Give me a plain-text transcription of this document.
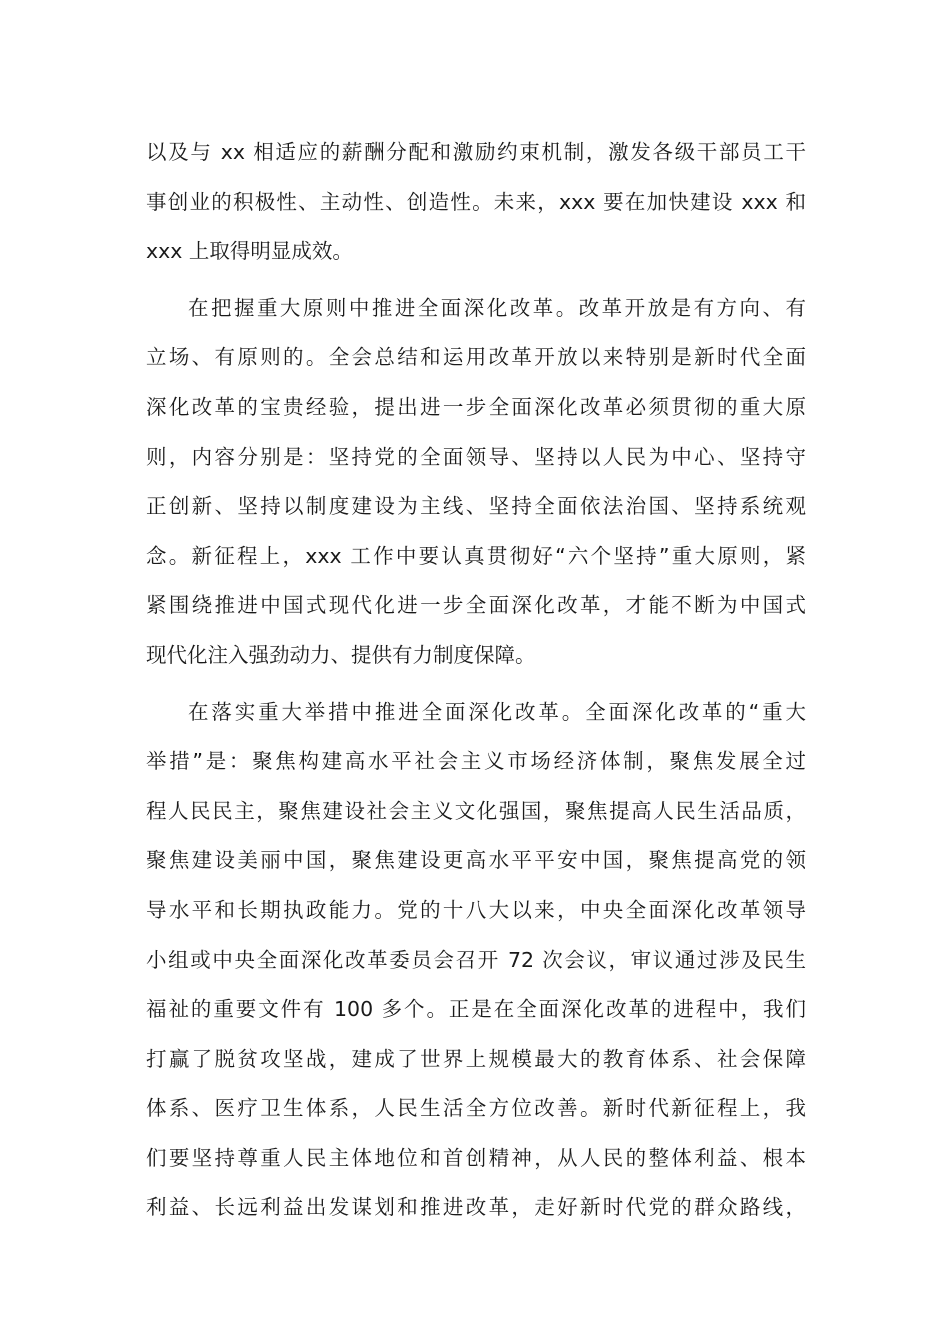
以及与 xx 相适应的薪酬分配和激励约束机制，激发各级干部员工干
事创业的积极性、主动性、创造性。未来，xxx 要在加快建设 xxx 和
xxx 上取得明显成效。
在把握重大原则中推进全面深化改革。改革开放是有方向、有
立场、有原则的。全会总结和运用改革开放以来特别是新时代全面
深化改革的宝贵经验，提出进一步全面深化改革必须贯彻的重大原
则，内容分别是：坚持党的全面领导、坚持以人民为中心、坚持守
正创新、坚持以制度建设为主线、坚持全面依法治国、坚持系统观
念。新征程上，xxx 工作中要认真贯彻好“六个坚持”重大原则，紧
紧围绕推进中国式现代化进一步全面深化改革，才能不断为中国式
现代化注入强劲动力、提供有力制度保障。
在落实重大举措中推进全面深化改革。全面深化改革的“重大
举措”是：聚焦构建高水平社会主义市场经济体制，聚焦发展全过
程人民民主，聚焦建设社会主义文化强国，聚焦提高人民生活品质，
聚焦建设美丽中国，聚焦建设更高水平平安中国，聚焦提高党的领
导水平和长期执政能力。党的十八大以来，中央全面深化改革领导
小组或中央全面深化改革委员会召开 72 次会议，审议通过涉及民生
福祉的重要文件有 100 多个。正是在全面深化改革的进程中，我们
打赢了脱贫攻坚战，建成了世界上规模最大的教育体系、社会保障
体系、医疗卫生体系，人民生活全方位改善。新时代新征程上，我
们要坚持尊重人民主体地位和首创精神，从人民的整体利益、根本
利益、长远利益出发谋划和推进改革，走好新时代党的群众路线，
